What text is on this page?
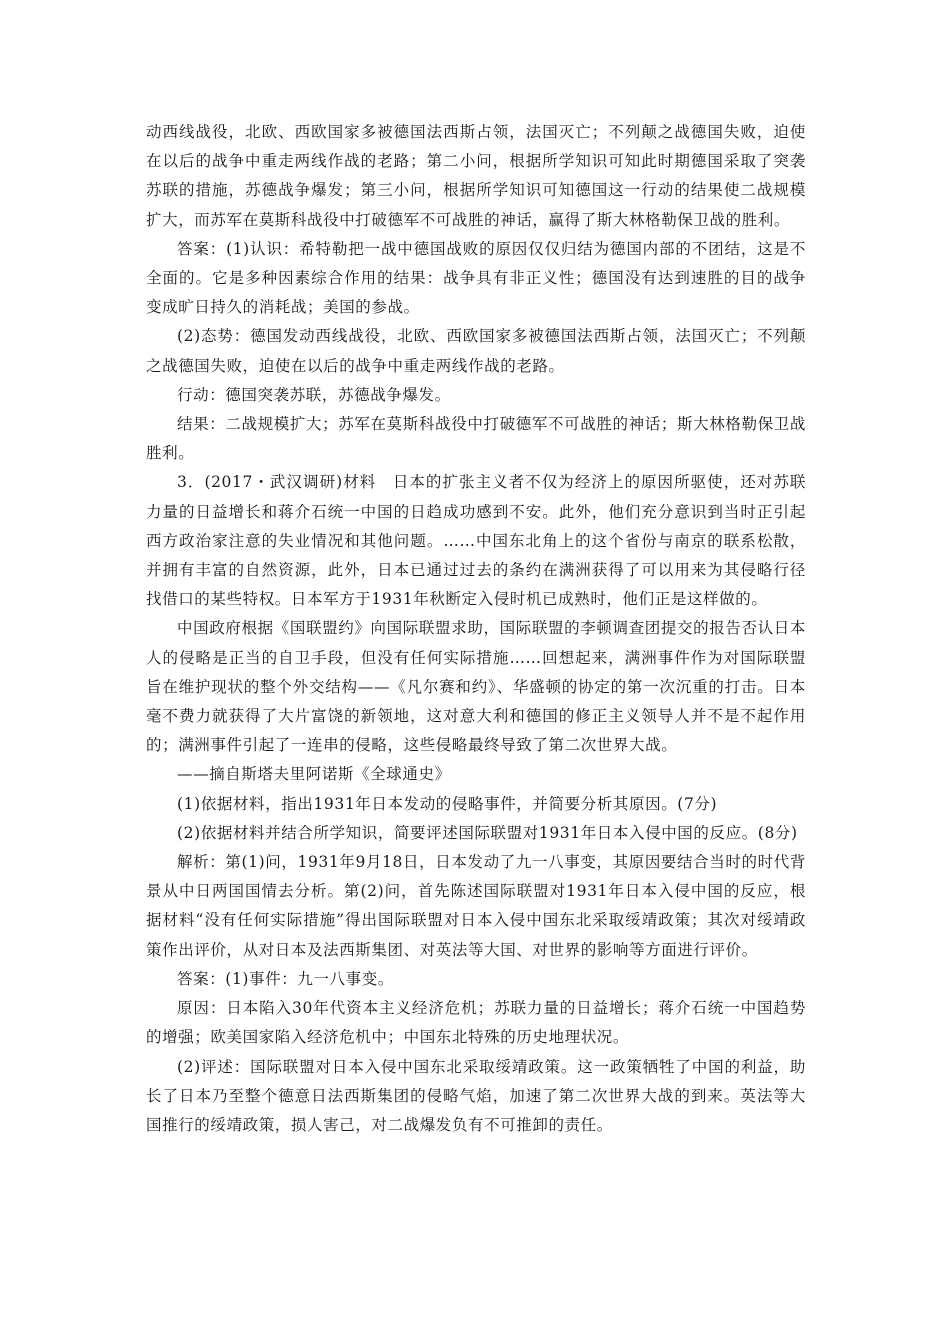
动西线战役，北欧、西欧国家多被德国法西斯占领，法国灭亡；不列颠之战德国失败，迫使在以后的战争中重走两线作战的老路；第二小问，根据所学知识可知此时期德国采取了突袭苏联的措施，苏德战争爆发；第三小问，根据所学知识可知德国这一行动的结果使二战规模扩大，而苏军在莫斯科战役中打破德军不可战胜的神话，赢得了斯大林格勒保卫战的胜利。

答案：(1)认识：希特勒把一战中德国战败的原因仅仅归结为德国内部的不团结，这是不全面的。它是多种因素综合作用的结果：战争具有非正义性；德国没有达到速胜的目的战争变成旷日持久的消耗战；美国的参战。

(2)态势：德国发动西线战役，北欧、西欧国家多被德国法西斯占领，法国灭亡；不列颠之战德国失败，迫使在以后的战争中重走两线作战的老路。

行动：德国突袭苏联，苏德战争爆发。

结果：二战规模扩大；苏军在莫斯科战役中打破德军不可战胜的神话；斯大林格勒保卫战胜利。

3．(2017・武汉调研)材料　日本的扩张主义者不仅为经济上的原因所驱使，还对苏联力量的日益增长和蒋介石统一中国的日趋成功感到不安。此外，他们充分意识到当时正引起西方政治家注意的失业情况和其他问题。……中国东北角上的这个省份与南京的联系松散，并拥有丰富的自然资源，此外，日本已通过过去的条约在满洲获得了可以用来为其侵略行径找借口的某些特权。日本军方于1931年秋断定入侵时机已成熟时，他们正是这样做的。

中国政府根据《国联盟约》向国际联盟求助，国际联盟的李顿调查团提交的报告否认日本人的侵略是正当的自卫手段，但没有任何实际措施……回想起来，满洲事件作为对国际联盟旨在维护现状的整个外交结构——《凡尔赛和约》、华盛顿的协定的第一次沉重的打击。日本毫不费力就获得了大片富饶的新领地，这对意大利和德国的修正主义领导人并不是不起作用的；满洲事件引起了一连串的侵略，这些侵略最终导致了第二次世界大战。

——摘自斯塔夫里阿诺斯《全球通史》

(1)依据材料，指出1931年日本发动的侵略事件，并简要分析其原因。(7分)

(2)依据材料并结合所学知识，简要评述国际联盟对1931年日本入侵中国的反应。(8分)

解析：第(1)问，1931年9月18日，日本发动了九一八事变，其原因要结合当时的时代背景从中日两国国情去分析。第(2)问，首先陈述国际联盟对1931年日本入侵中国的反应，根据材料“没有任何实际措施”得出国际联盟对日本入侵中国东北采取绥靖政策；其次对绥靖政策作出评价，从对日本及法西斯集团、对英法等大国、对世界的影响等方面进行评价。

答案：(1)事件：九一八事变。

原因：日本陷入30年代资本主义经济危机；苏联力量的日益增长；蒋介石统一中国趋势的增强；欧美国家陷入经济危机中；中国东北特殊的历史地理状况。

(2)评述：国际联盟对日本入侵中国东北采取绥靖政策。这一政策牺牲了中国的利益，助长了日本乃至整个德意日法西斯集团的侵略气焰，加速了第二次世界大战的到来。英法等大国推行的绥靖政策，损人害己，对二战爆发负有不可推卸的责任。
